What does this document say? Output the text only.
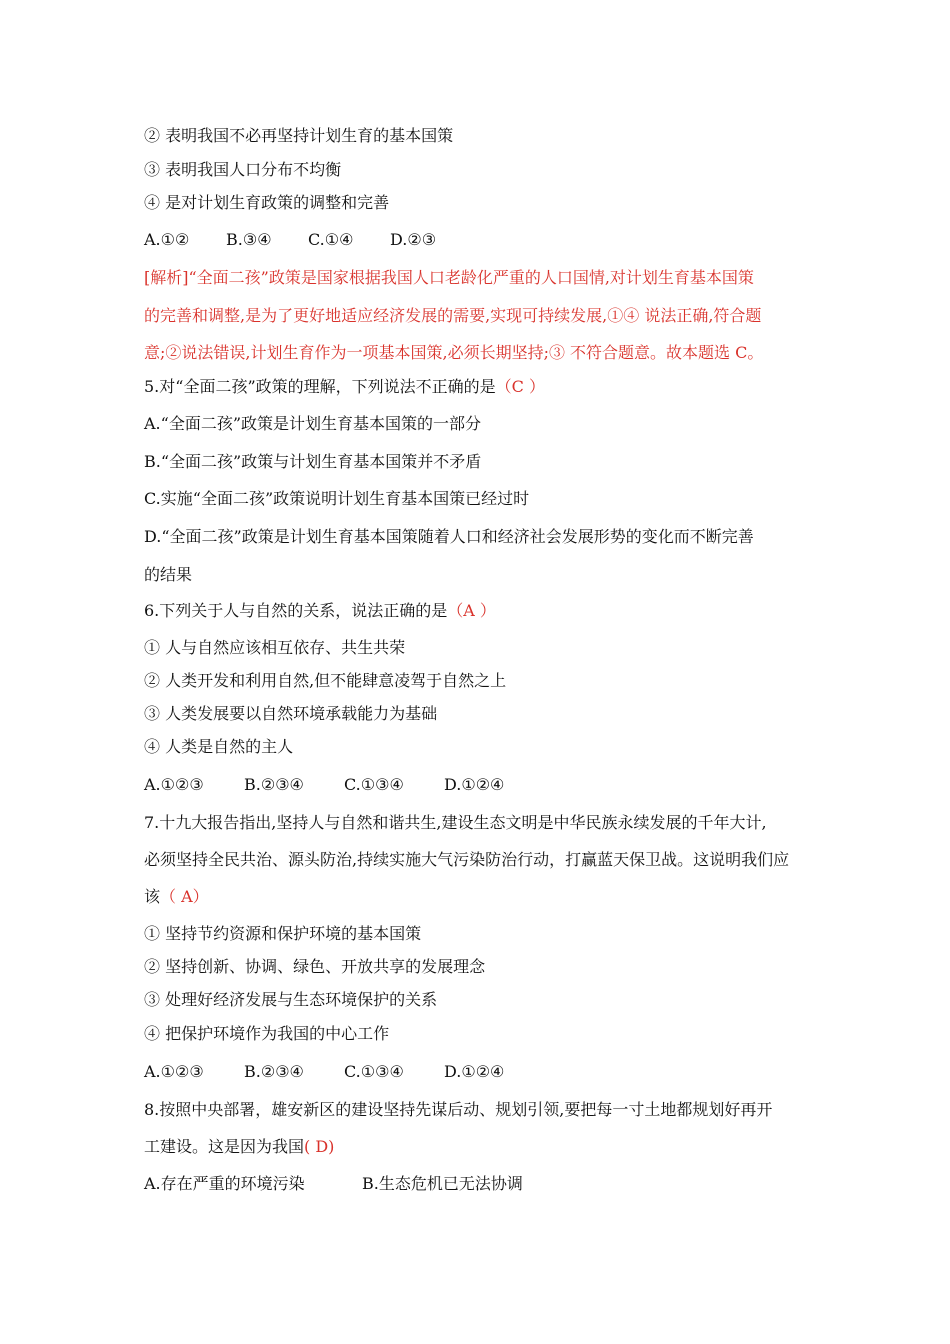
② 表明我国不必再坚持计划生育的基本国策
③ 表明我国人口分布不均衡
④ 是对计划生育政策的调整和完善
A.①② B.③④ C.①④ D.②③
[解析]“全面二孩”政策是国家根据我国人口老龄化严重的人口国情,对计划生育基本国策
的完善和调整,是为了更好地适应经济发展的需要,实现可持续发展,①④ 说法正确,符合题
意;②说法错误,计划生育作为一项基本国策,必须长期坚持;③ 不符合题意。故本题选 C。
5.对“全面二孩”政策的理解，下列说法不正确的是（C ）
A.“全面二孩”政策是计划生育基本国策的一部分
B.“全面二孩”政策与计划生育基本国策并不矛盾
C.实施“全面二孩”政策说明计划生育基本国策已经过时
D.“全面二孩”政策是计划生育基本国策随着人口和经济社会发展形势的变化而不断完善
的结果
6.下列关于人与自然的关系，说法正确的是（A ）
① 人与自然应该相互依存、共生共荣
② 人类开发和利用自然,但不能肆意凌驾于自然之上
③ 人类发展要以自然环境承载能力为基础
④ 人类是自然的主人
A.①②③	B.②③④	C.①③④	D.①②④
7.十九大报告指出,坚持人与自然和谐共生,建设生态文明是中华民族永续发展的千年大计,
必须坚持全民共治、源头防治,持续实施大气污染防治行动，打赢蓝天保卫战。这说明我们应
该（ A）
① 坚持节约资源和保护环境的基本国策
② 坚持创新、协调、绿色、开放共享的发展理念
③ 处理好经济发展与生态环境保护的关系
④ 把保护环境作为我国的中心工作
A.①②③	B.②③④	C.①③④	D.①②④
8.按照中央部署，雄安新区的建设坚持先谋后动、规划引领,要把每一寸土地都规划好再开
工建设。这是因为我国( D)
A.存在严重的环境污染	B.生态危机已无法协调
